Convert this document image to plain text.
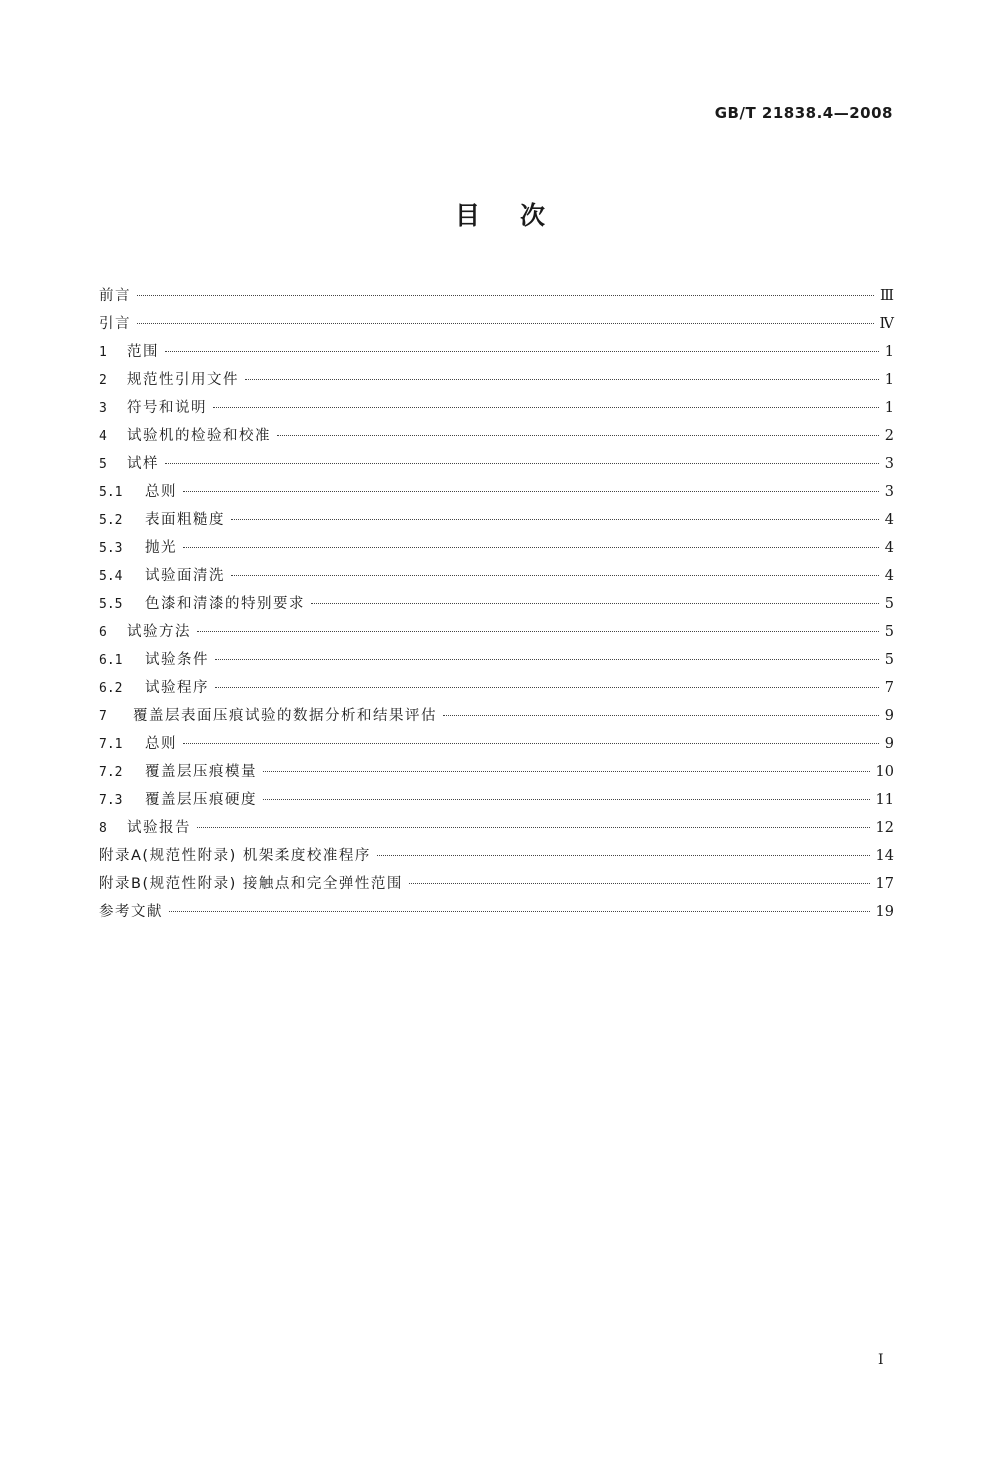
GB/T 21838.4—2008
目次
前言	Ⅲ
引言	Ⅳ
1	范围	1
2	规范性引用文件	1
3	符号和说明	1
4	试验机的检验和校准	2
5	试样	3
5.1	总则	3
5.2	表面粗糙度	4
5.3	抛光	4
5.4	试验面清洗	4
5.5	色漆和清漆的特别要求	5
6	试验方法	5
6.1	试验条件	5
6.2	试验程序	7
7	覆盖层表面压痕试验的数据分析和结果评估	9
7.1	总则	9
7.2	覆盖层压痕模量	10
7.3	覆盖层压痕硬度	11
8	试验报告	12
附录A(规范性附录) 机架柔度校准程序	14
附录B(规范性附录) 接触点和完全弹性范围	17
参考文献	19
I
